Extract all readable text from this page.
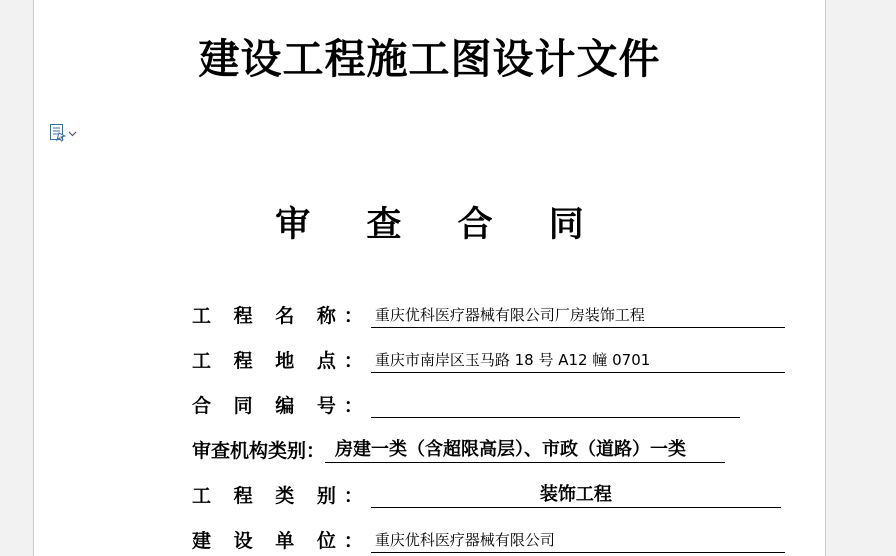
建设工程施工图设计文件
审 查 合 同
工 程 名 称： 重庆优科医疗器械有限公司厂房装饰工程
工 程 地 点： 重庆市南岸区玉马路 18 号 A12 幢 0701
合 同 编 号：
审查机构类别： 房建一类（含超限高层）、市政（道路）一类
工 程 类 别：	装饰工程
建 设 单 位： 重庆优科医疗器械有限公司
